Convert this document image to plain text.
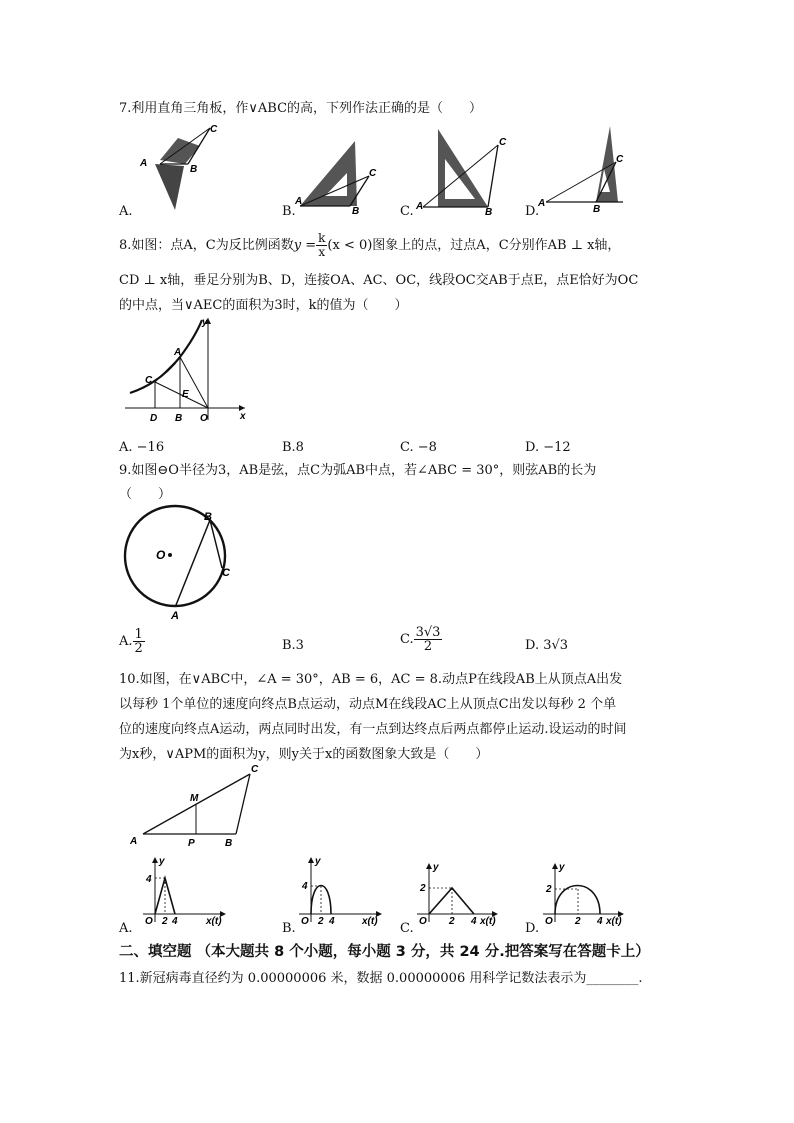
7.利用直角三角板，作∨ABC的高，下列作法正确的是（　　）
A
B
C
A.
A
B
C
B.	A
B
C
C.
A
B
C
D.
8.如图：点A，C为反比例函数$y = \frac{k}{x} (x < 0)$图象上的点，过点A，C分别作AB ⊥ x轴，
CD ⊥ x轴，垂足分别为B、D，连接OA、AC、OC，线段OC交AB于点E，点E恰好为OC
的中点，当∨AEC的面积为3时，k的值为（　　）
y
x
A
C
E
D B O
A. −16	B.8	C. −8	D. −12
9.如图⊖O半径为3，AB是弦，点C为弧AB中点，若∠ABC = 30°，则弦AB的长为
（　　）
O
B
C
A
A. $\frac{1}{2}$	B.3	C. $\frac{3√3}{2}$	D. 3√3
10.如图，在∨ABC中，∠A = 30°，AB = 6，AC = 8.动点P在线段AB上从顶点A出发
以每秒 1个单位的速度向终点B点运动，动点M在线段AC上从顶点C出发以每秒 2 个单
位的速度向终点A运动，两点同时出发，有一点到达终点后两点都停止运动.设运动的时间
为x秒，∨APM的面积为y，则y关于x的函数图象大致是（　　）
A	B
C
M
P
y
4
O 2 4	x(t)
A.
y
4
O 2 4	x(t)
B.
y
2
O 2 4 x(t)
C.
y
2
O 2 4 x(t)
D.
二、填空题 （本大题共 8 个小题，每小题 3 分，共 24 分.把答案写在答题卡上）
11.新冠病毒直径约为 0.00000006 米，数据 0.00000006 用科学记数法表示为________.
